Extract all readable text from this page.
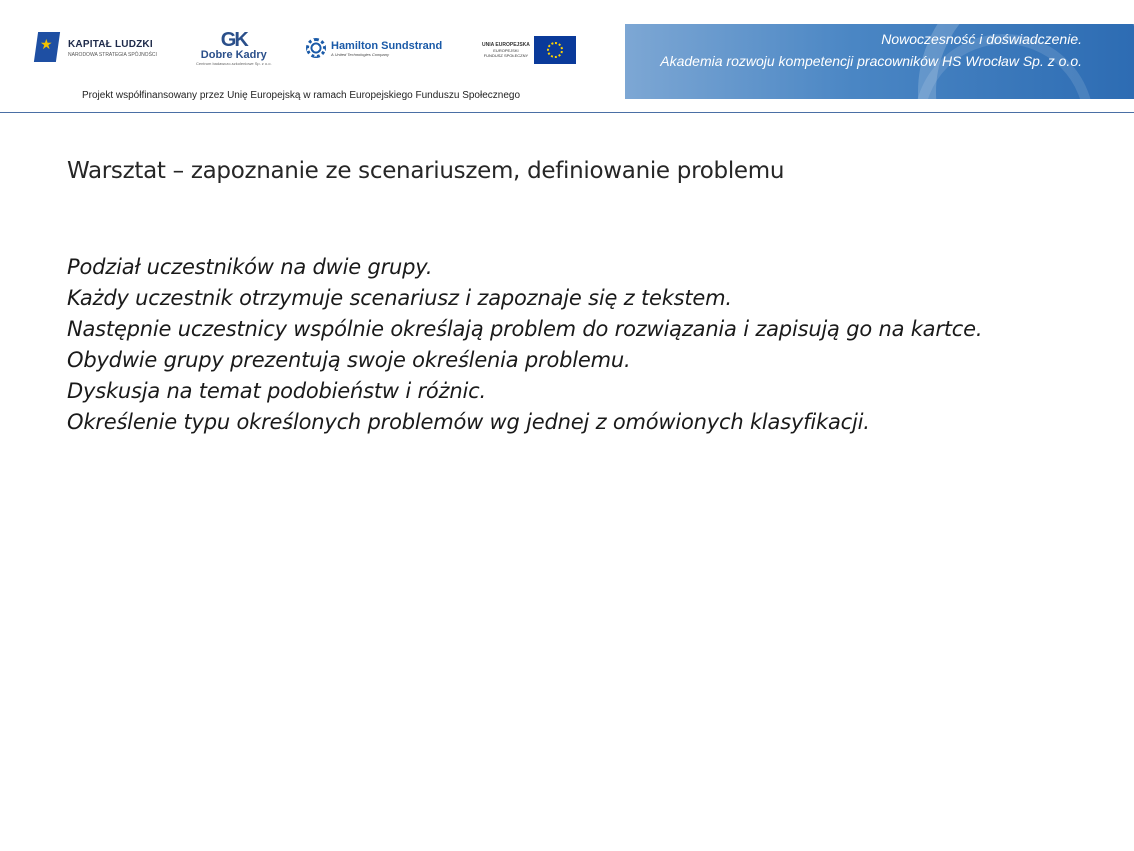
★
KAPITAŁ LUDZKI
NARODOWA STRATEGIA SPÓJNOŚCI
GK
Dobre Kadry
Centrum badawczo-szkoleniowe Sp. z o.o.
Hamilton Sundstrand
A United Technologies Company
UNIA EUROPEJSKA
EUROPEJSKI
FUNDUSZ SPOŁECZNY
Nowoczesność i doświadczenie.
Akademia rozwoju kompetencji pracowników HS Wrocław Sp. z o.o.
Projekt współfinansowany przez Unię Europejską w ramach Europejskiego Funduszu Społecznego
Warsztat – zapoznanie ze scenariuszem, definiowanie problemu
Podział uczestników na dwie grupy.
Każdy uczestnik otrzymuje scenariusz i zapoznaje się z tekstem.
Następnie uczestnicy wspólnie określają problem do rozwiązania i zapisują go na kartce.
Obydwie grupy prezentują swoje określenia problemu.
Dyskusja na temat podobieństw i różnic.
Określenie typu określonych problemów wg jednej z omówionych klasyfikacji.
